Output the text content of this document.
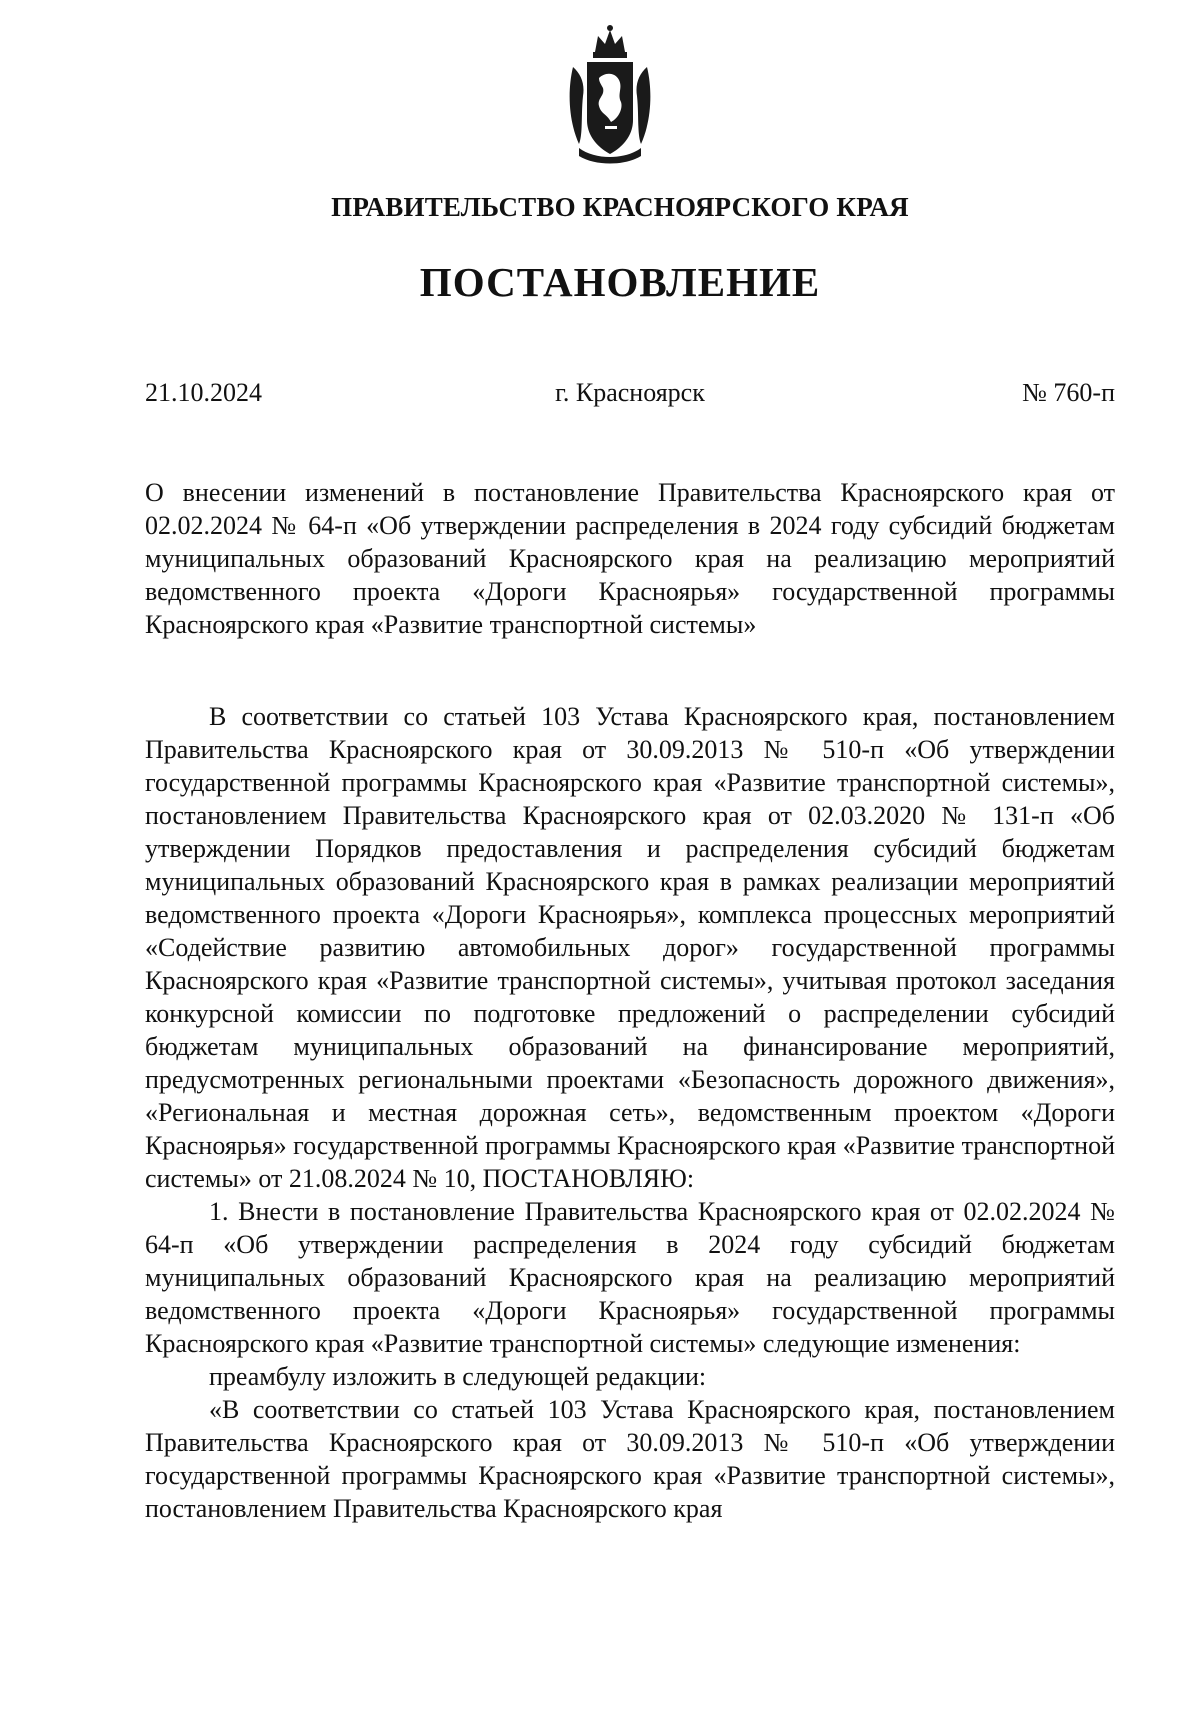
ПРАВИТЕЛЬСТВО КРАСНОЯРСКОГО КРАЯ
ПОСТАНОВЛЕНИЕ
21.10.2024	г. Красноярск	№ 760-п
О внесении изменений в постановление Правительства Красноярского края от 02.02.2024 № 64-п «Об утверждении распределения в 2024 году субсидий бюджетам муниципальных образований Красноярского края на реализацию мероприятий ведомственного проекта «Дороги Красноярья» государственной программы Красноярского края «Развитие транспортной системы»

В соответствии со статьей 103 Устава Красноярского края, постановлением Правительства Красноярского края от 30.09.2013 № 510-п «Об утверждении государственной программы Красноярского края «Развитие транспортной системы», постановлением Правительства Красноярского края от 02.03.2020 № 131-п «Об утверждении Порядков предоставления и распределения субсидий бюджетам муниципальных образований Красноярского края в рамках реализации мероприятий ведомственного проекта «Дороги Красноярья», комплекса процессных мероприятий «Содействие развитию автомобильных дорог» государственной программы Красноярского края «Развитие транспортной системы», учитывая протокол заседания конкурсной комиссии по подготовке предложений о распределении субсидий бюджетам муниципальных образований на финансирование мероприятий, предусмотренных региональными проектами «Безопасность дорожного движения», «Региональная и местная дорожная сеть», ведомственным проектом «Дороги Красноярья» государственной программы Красноярского края «Развитие транспортной системы» от 21.08.2024 № 10, ПОСТАНОВЛЯЮ:

1. Внести в постановление Правительства Красноярского края от 02.02.2024 № 64-п «Об утверждении распределения в 2024 году субсидий бюджетам муниципальных образований Красноярского края на реализацию мероприятий ведомственного проекта «Дороги Красноярья» государственной программы Красноярского края «Развитие транспортной системы» следующие изменения:

преамбулу изложить в следующей редакции:

«В соответствии со статьей 103 Устава Красноярского края, постановлением Правительства Красноярского края от 30.09.2013 № 510-п «Об утверждении государственной программы Красноярского края «Развитие транспортной системы», постановлением Правительства Красноярского края
